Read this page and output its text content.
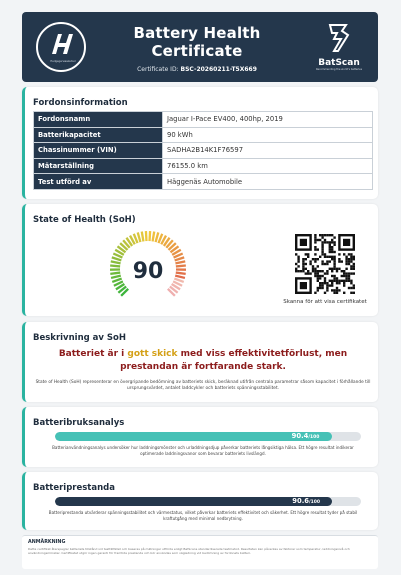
Hedgegervæsketool
Battery Health Certificate
Certificate ID: BSC-20260211-T5X669
BatScan
Recommending the world's batteries
Fordonsinformation
Fordonsnamn	Jaguar I-Pace EV400, 400hp, 2019
Batterikapacitet	90 kWh
Chassinummer (VIN)	SADHA2B14K1F76597
Mätarställning	76155.0 km
Test utförd av	Häggenäs Automobile
State of Health (SoH)
90
Skanna för att visa certifikatet
Beskrivning av SoH
Batteriet är i gott skick med viss effektivitetförlust, men prestandan är fortfarande stark.
State of Health (SoH) representerar en övergripande bedömning av batteriets skick, beräknad utifrån centrala parametrar såsom kapacitet i förhållande till ursprungsvärdet, antalet laddcykler och batteriets spänningsstabilitet.
Batteribruksanalys
90.4/100
Batterianvändningsanalys undersöker hur laddningsmönster och urladdningsdjup påverkar batteriets långsiktiga hälsa. Ett högre resultat indikerar optimerade laddningsvanor som bevarar batteriets livslängd.
Batteriprestanda
90.6/100
Batteriprestanda utvärderar spänningsstabilitet och värmestatus, vilket påverkar batteriets effektivitet och säkerhet. Ett högre resultat tyder på stabil kraftutgång med minimal nedbrytning.
ANMÄRKNING
Detta certifikat återspeglar batteriets tillstånd vid testtillfället och baseras på mätningar utförda enligt BatScans standardiserade testmetod. Resultaten kan påverkas av faktorer som temperatur, laddningsnivå och användningsmönster. Certifikatet utgör ingen garanti för framtida prestanda och bör användas som vägledning vid bedömning av fordonets batteri.
